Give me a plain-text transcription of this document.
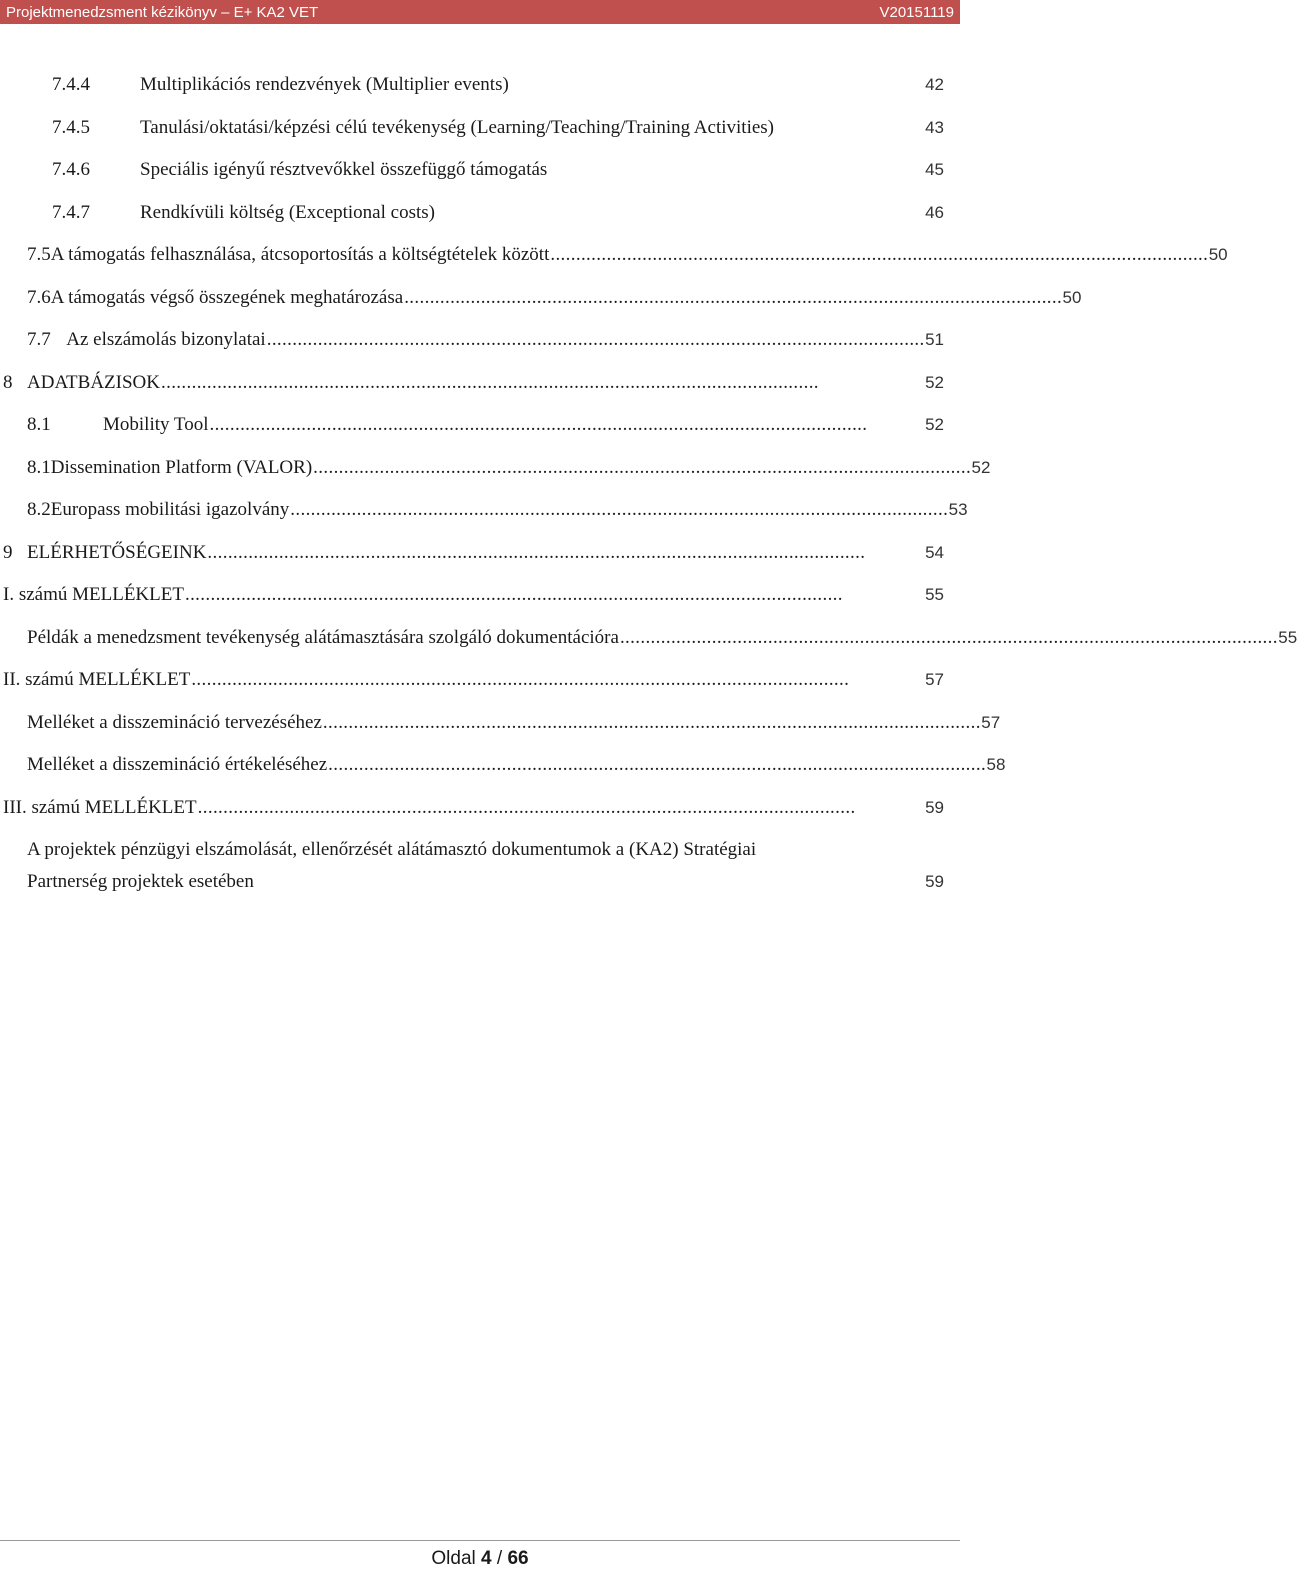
Projektmenedzsment kézikönyv – E+ KA2 VET	V20151119
7.4.4	Multiplikációs rendezvények (Multiplier events)	42
7.4.5	Tanulási/oktatási/képzési célú tevékenység (Learning/Teaching/Training Activities)	43
7.4.6	Speciális igényű résztvevőkkel összefüggő támogatás	45
7.4.7	Rendkívüli költség (Exceptional costs)	46
7.5 A támogatás felhasználása, átcsoportosítás a költségtételek között . . .	50
7.6 A támogatás végső összegének meghatározása . . .	50
7.7 Az elszámolás bizonylatai . . .	51
8 ADATBÁZISOK . . .	52
8.1	Mobility Tool . . .	52
8.1 Dissemination Platform (VALOR) . . .	52
8.2 Europass mobilitási igazolvány . . .	53
9 ELÉRHETŐSÉGEINK . . .	54
I. számú MELLÉKLET . . .	55
Példák a menedzsment tevékenység alátámasztására szolgáló dokumentációra . . .	55
II. számú MELLÉKLET . . .	57
Melléket a disszemináció tervezéséhez . . .	57
Melléket a disszemináció értékeléséhez . . .	58
III. számú MELLÉKLET . . .	59
A projektek pénzügyi elszámolását, ellenőrzését alátámasztó dokumentumok a (KA2) Stratégiai
Partnerség projektek esetében	59
Oldal 4 / 66
